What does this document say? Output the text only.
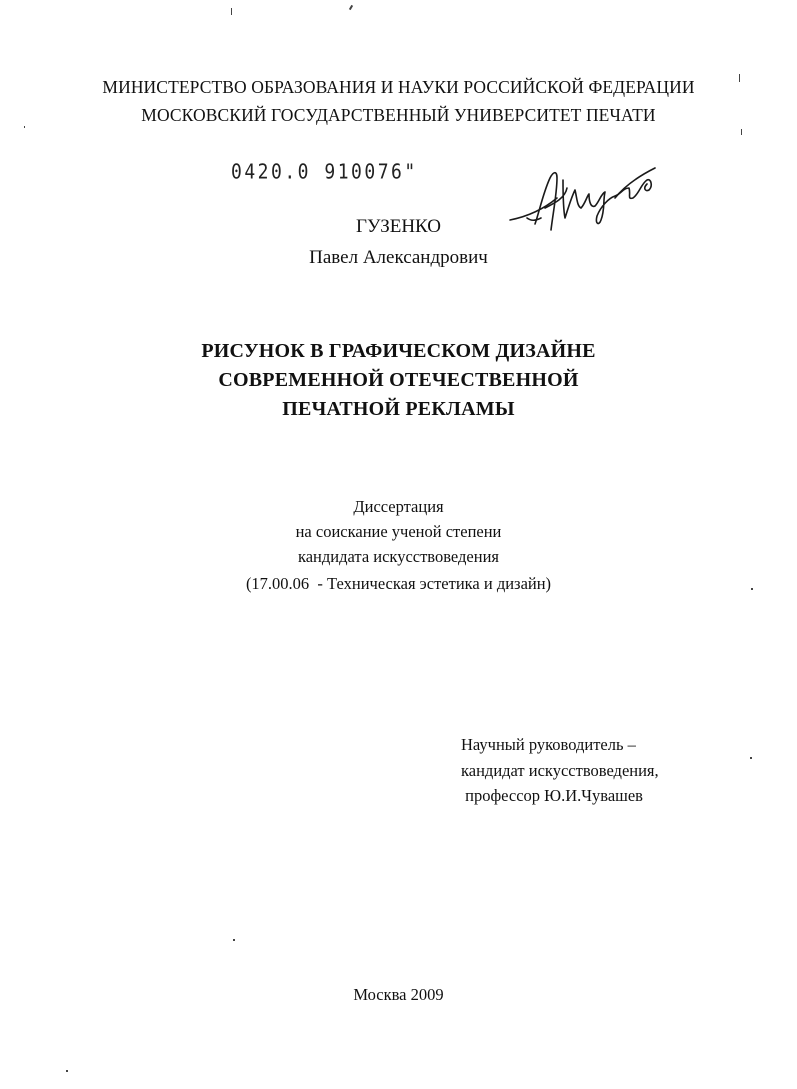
МИНИСТЕРСТВО ОБРАЗОВАНИЯ И НАУКИ РОССИЙСКОЙ ФЕДЕРАЦИИ
МОСКОВСКИЙ ГОСУДАРСТВЕННЫЙ УНИВЕРСИТЕТ ПЕЧАТИ
0420.0 910076"
ГУЗЕНКО
Павел Александрович
РИСУНОК В ГРАФИЧЕСКОМ ДИЗАЙНЕ
СОВРЕМЕННОЙ ОТЕЧЕСТВЕННОЙ
ПЕЧАТНОЙ РЕКЛАМЫ
Диссертация
на соискание ученой степени
кандидата искусствоведения
(17.00.06  - Техническая эстетика и дизайн)
Научный руководитель –
кандидат искусствоведения,
профессор Ю.И.Чувашев
Москва 2009
